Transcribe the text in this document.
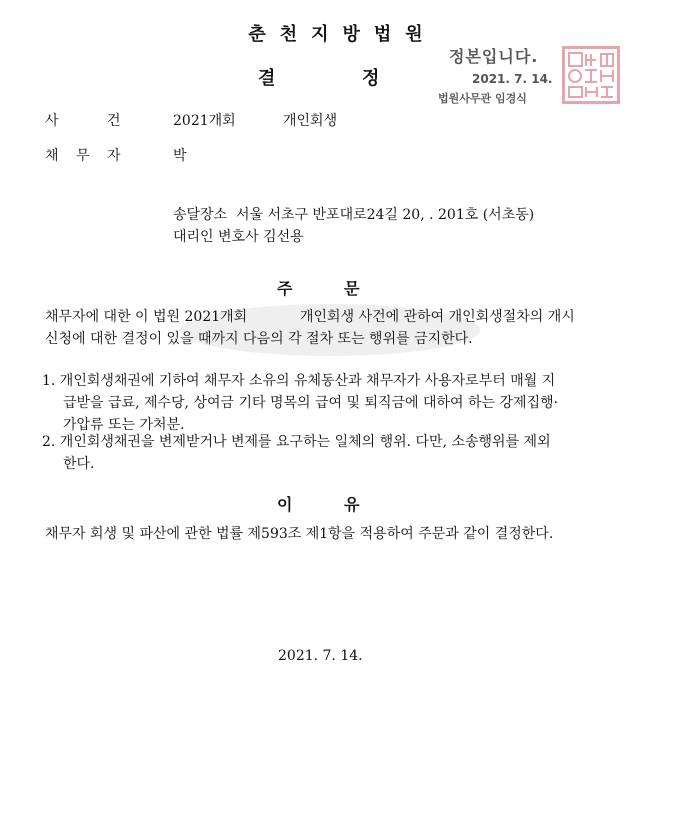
춘천지방법원
결	정
정본입니다.
2021. 7. 14.
법원사무관 임경식
사	건	2021개회	개인회생
채 무 자	박
송달장소  서울 서초구 반포대로24길 20, . 201호 (서초동)
대리인 변호사 김선용
주	문
채무자에 대한 이 법원 2021개회	개인회생 사건에 관하여 개인회생절차의 개시
신청에 대한 결정이 있을 때까지 다음의 각 절차 또는 행위를 금지한다.
1. 개인회생채권에 기하여 채무자 소유의 유체동산과 채무자가 사용자로부터 매월 지
급받을 급료, 제수당, 상여금 기타 명목의 급여 및 퇴직금에 대하여 하는 강제집행·
가압류 또는 가처분.
2. 개인회생채권을 변제받거나 변제를 요구하는 일체의 행위. 다만, 소송행위를 제외
한다.
이	유
채무자 회생 및 파산에 관한 법률 제593조 제1항을 적용하여 주문과 같이 결정한다.
2021. 7. 14.
